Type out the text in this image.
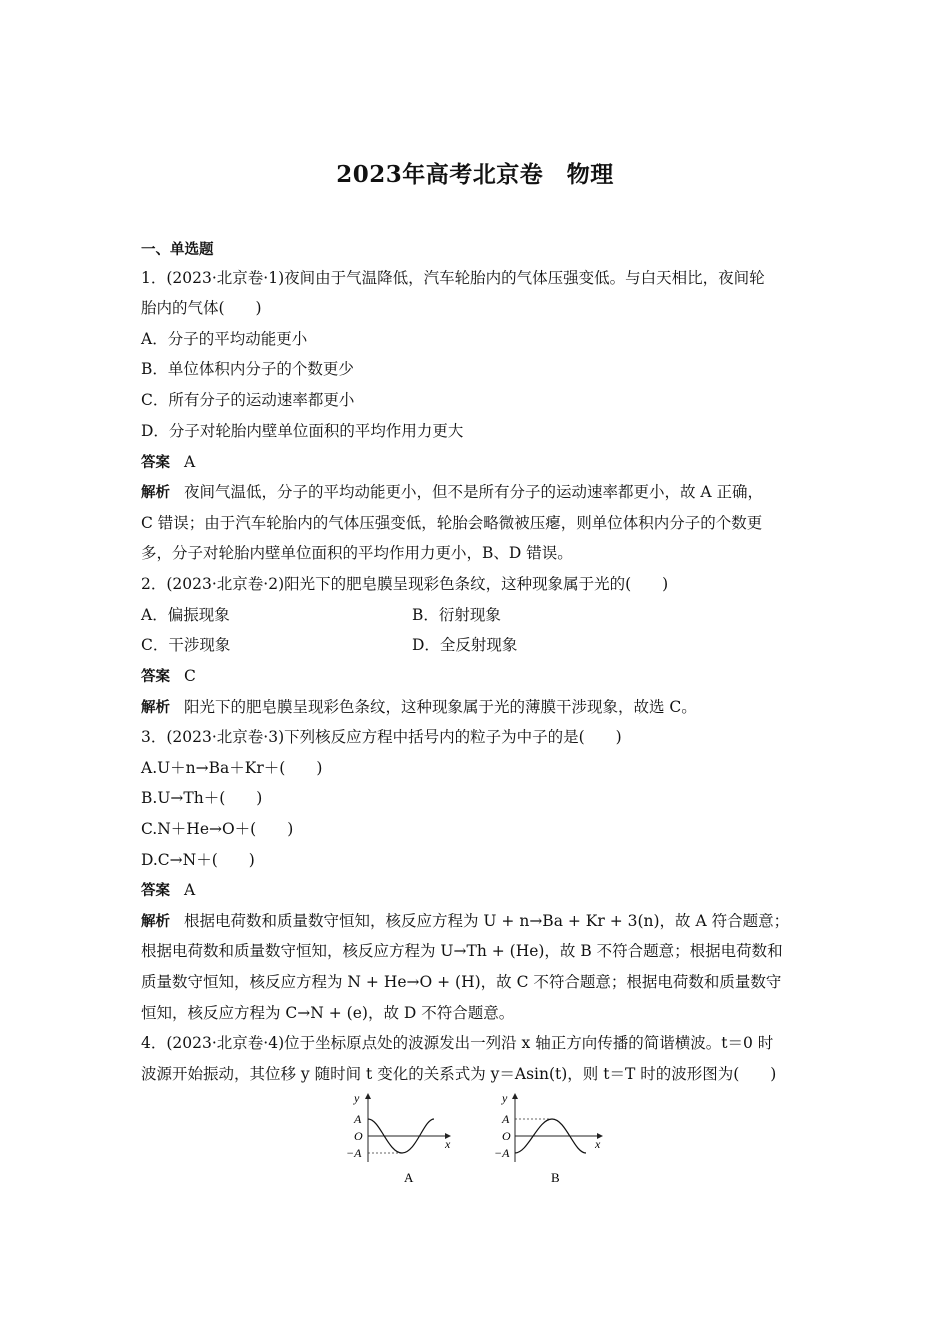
2023年高考北京卷　物理
一、单选题
1．(2023·北京卷·1)夜间由于气温降低，汽车轮胎内的气体压强变低。与白天相比，夜间轮
胎内的气体(　　)
A．分子的平均动能更小
B．单位体积内分子的个数更少
C．所有分子的运动速率都更小
D．分子对轮胎内壁单位面积的平均作用力更大
答案 A
解析 夜间气温低，分子的平均动能更小，但不是所有分子的运动速率都更小，故 A 正确，
C 错误；由于汽车轮胎内的气体压强变低，轮胎会略微被压瘪，则单位体积内分子的个数更
多，分子对轮胎内壁单位面积的平均作用力更小，B、D 错误。
2．(2023·北京卷·2)阳光下的肥皂膜呈现彩色条纹，这种现象属于光的(　　)
A．偏振现象	B．衍射现象
C．干涉现象	D．全反射现象
答案 C
解析 阳光下的肥皂膜呈现彩色条纹，这种现象属于光的薄膜干涉现象，故选 C。
3．(2023·北京卷·3)下列核反应方程中括号内的粒子为中子的是(　　)
A.U＋n→Ba＋Kr＋(　　)
B.U→Th＋(　　)
C.N＋He→O＋(　　)
D.C→N＋(　　)
答案 A
解析 根据电荷数和质量数守恒知，核反应方程为 U + n→Ba + Kr + 3(n)，故 A 符合题意；
根据电荷数和质量数守恒知，核反应方程为 U→Th + (He)，故 B 不符合题意；根据电荷数和
质量数守恒知，核反应方程为 N + He→O + (H)，故 C 不符合题意；根据电荷数和质量数守
恒知，核反应方程为 C→N + (e)，故 D 不符合题意。
4．(2023·北京卷·4)位于坐标原点处的波源发出一列沿 x 轴正方向传播的简谐横波。t＝0 时
波源开始振动，其位移 y 随时间 t 变化的关系式为 y＝Asin(t)，则 t＝T 时的波形图为(　　)
y
x
A
O
−A
A
y
x
A
O
−A
B
